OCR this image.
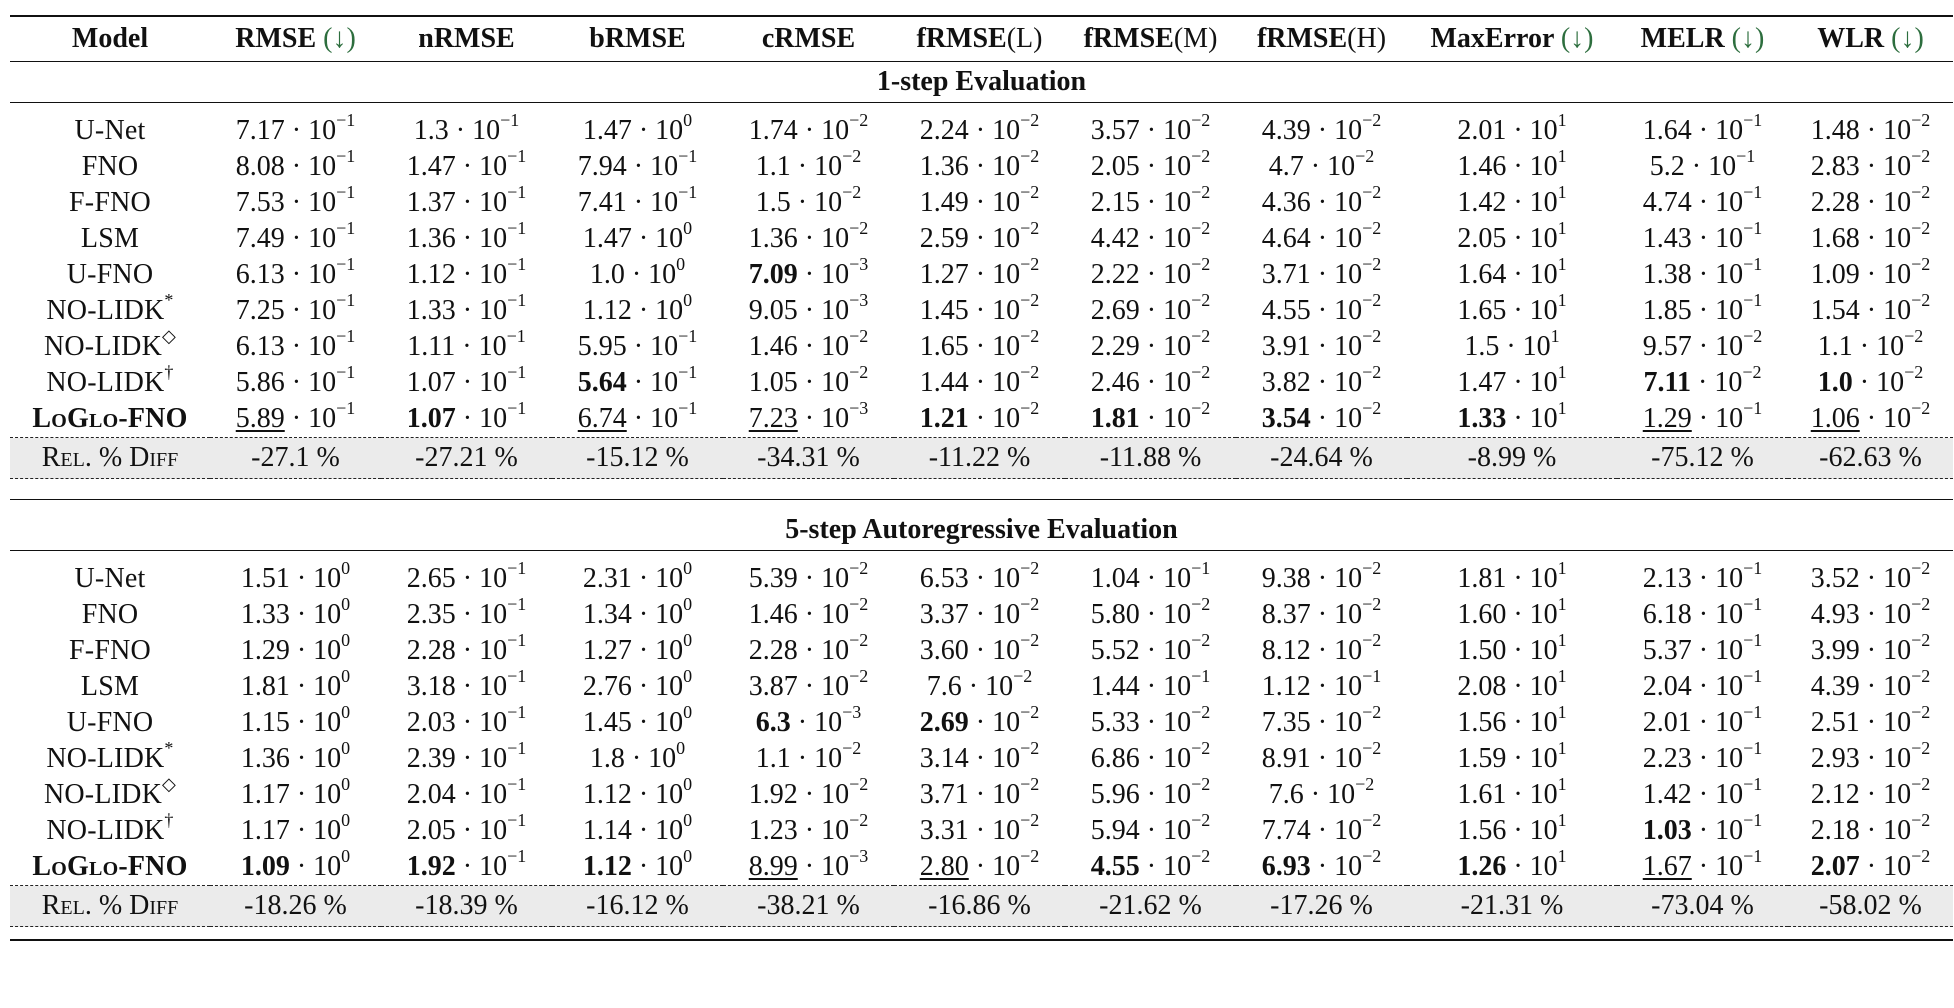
Model	RMSE (↓)	nRMSE	bRMSE	cRMSE	fRMSE(L)	fRMSE(M)	fRMSE(H)	MaxError (↓)	MELR (↓)	WLR (↓)
1-step Evaluation										

U-Net	$7.17 \cdot 10^{-1}$	$1.3 \cdot 10^{-1}$	$1.47 \cdot 10^0$	$1.74 \cdot 10^{-2}$	$2.24 \cdot 10^{-2}$	$3.57 \cdot 10^{-2}$	$4.39 \cdot 10^{-2}$	$2.01 \cdot 10^1$	$1.64 \cdot 10^{-1}$	$1.48 \cdot 10^{-2}$
FNO	$8.08 \cdot 10^{-1}$	$1.47 \cdot 10^{-1}$	$7.94 \cdot 10^{-1}$	$1.1 \cdot 10^{-2}$	$1.36 \cdot 10^{-2}$	$2.05 \cdot 10^{-2}$	$4.7 \cdot 10^{-2}$	$1.46 \cdot 10^1$	$5.2 \cdot 10^{-1}$	$2.83 \cdot 10^{-2}$
F-FNO	$7.53 \cdot 10^{-1}$	$1.37 \cdot 10^{-1}$	$7.41 \cdot 10^{-1}$	$1.5 \cdot 10^{-2}$	$1.49 \cdot 10^{-2}$	$2.15 \cdot 10^{-2}$	$4.36 \cdot 10^{-2}$	$1.42 \cdot 10^1$	$4.74 \cdot 10^{-1}$	$2.28 \cdot 10^{-2}$
LSM	$7.49 \cdot 10^{-1}$	$1.36 \cdot 10^{-1}$	$1.47 \cdot 10^0$	$1.36 \cdot 10^{-2}$	$2.59 \cdot 10^{-2}$	$4.42 \cdot 10^{-2}$	$4.64 \cdot 10^{-2}$	$2.05 \cdot 10^1$	$1.43 \cdot 10^{-1}$	$1.68 \cdot 10^{-2}$
U-FNO	$6.13 \cdot 10^{-1}$	$1.12 \cdot 10^{-1}$	$1.0 \cdot 10^0$	$7.09 \cdot 10^{-3}$	$1.27 \cdot 10^{-2}$	$2.22 \cdot 10^{-2}$	$3.71 \cdot 10^{-2}$	$1.64 \cdot 10^1$	$1.38 \cdot 10^{-1}$	$1.09 \cdot 10^{-2}$
NO-LIDK*	$7.25 \cdot 10^{-1}$	$1.33 \cdot 10^{-1}$	$1.12 \cdot 10^0$	$9.05 \cdot 10^{-3}$	$1.45 \cdot 10^{-2}$	$2.69 \cdot 10^{-2}$	$4.55 \cdot 10^{-2}$	$1.65 \cdot 10^1$	$1.85 \cdot 10^{-1}$	$1.54 \cdot 10^{-2}$
NO-LIDK◇	$6.13 \cdot 10^{-1}$	$1.11 \cdot 10^{-1}$	$5.95 \cdot 10^{-1}$	$1.46 \cdot 10^{-2}$	$1.65 \cdot 10^{-2}$	$2.29 \cdot 10^{-2}$	$3.91 \cdot 10^{-2}$	$1.5 \cdot 10^1$	$9.57 \cdot 10^{-2}$	$1.1 \cdot 10^{-2}$
NO-LIDK†	$5.86 \cdot 10^{-1}$	$1.07 \cdot 10^{-1}$	$5.64 \cdot 10^{-1}$	$1.05 \cdot 10^{-2}$	$1.44 \cdot 10^{-2}$	$2.46 \cdot 10^{-2}$	$3.82 \cdot 10^{-2}$	$1.47 \cdot 10^1$	$7.11 \cdot 10^{-2}$	$1.0 \cdot 10^{-2}$
LoGlo-FNO	$5.89 \cdot 10^{-1}$	$1.07 \cdot 10^{-1}$	$6.74 \cdot 10^{-1}$	$7.23 \cdot 10^{-3}$	$1.21 \cdot 10^{-2}$	$1.81 \cdot 10^{-2}$	$3.54 \cdot 10^{-2}$	$1.33 \cdot 10^1$	$1.29 \cdot 10^{-1}$	$1.06 \cdot 10^{-2}$
Rel. % Diff	-27.1 %	-27.21 %	-15.12 %	-34.31 %	-11.22 %	-11.88 %	-24.64 %	-8.99 %	-75.12 %	-62.63 %

5-step Autoregressive Evaluation										

U-Net	$1.51 \cdot 10^0$	$2.65 \cdot 10^{-1}$	$2.31 \cdot 10^0$	$5.39 \cdot 10^{-2}$	$6.53 \cdot 10^{-2}$	$1.04 \cdot 10^{-1}$	$9.38 \cdot 10^{-2}$	$1.81 \cdot 10^1$	$2.13 \cdot 10^{-1}$	$3.52 \cdot 10^{-2}$
FNO	$1.33 \cdot 10^0$	$2.35 \cdot 10^{-1}$	$1.34 \cdot 10^0$	$1.46 \cdot 10^{-2}$	$3.37 \cdot 10^{-2}$	$5.80 \cdot 10^{-2}$	$8.37 \cdot 10^{-2}$	$1.60 \cdot 10^1$	$6.18 \cdot 10^{-1}$	$4.93 \cdot 10^{-2}$
F-FNO	$1.29 \cdot 10^0$	$2.28 \cdot 10^{-1}$	$1.27 \cdot 10^0$	$2.28 \cdot 10^{-2}$	$3.60 \cdot 10^{-2}$	$5.52 \cdot 10^{-2}$	$8.12 \cdot 10^{-2}$	$1.50 \cdot 10^1$	$5.37 \cdot 10^{-1}$	$3.99 \cdot 10^{-2}$
LSM	$1.81 \cdot 10^0$	$3.18 \cdot 10^{-1}$	$2.76 \cdot 10^0$	$3.87 \cdot 10^{-2}$	$7.6 \cdot 10^{-2}$	$1.44 \cdot 10^{-1}$	$1.12 \cdot 10^{-1}$	$2.08 \cdot 10^1$	$2.04 \cdot 10^{-1}$	$4.39 \cdot 10^{-2}$
U-FNO	$1.15 \cdot 10^0$	$2.03 \cdot 10^{-1}$	$1.45 \cdot 10^0$	$6.3 \cdot 10^{-3}$	$2.69 \cdot 10^{-2}$	$5.33 \cdot 10^{-2}$	$7.35 \cdot 10^{-2}$	$1.56 \cdot 10^1$	$2.01 \cdot 10^{-1}$	$2.51 \cdot 10^{-2}$
NO-LIDK*	$1.36 \cdot 10^0$	$2.39 \cdot 10^{-1}$	$1.8 \cdot 10^0$	$1.1 \cdot 10^{-2}$	$3.14 \cdot 10^{-2}$	$6.86 \cdot 10^{-2}$	$8.91 \cdot 10^{-2}$	$1.59 \cdot 10^1$	$2.23 \cdot 10^{-1}$	$2.93 \cdot 10^{-2}$
NO-LIDK◇	$1.17 \cdot 10^0$	$2.04 \cdot 10^{-1}$	$1.12 \cdot 10^0$	$1.92 \cdot 10^{-2}$	$3.71 \cdot 10^{-2}$	$5.96 \cdot 10^{-2}$	$7.6 \cdot 10^{-2}$	$1.61 \cdot 10^1$	$1.42 \cdot 10^{-1}$	$2.12 \cdot 10^{-2}$
NO-LIDK†	$1.17 \cdot 10^0$	$2.05 \cdot 10^{-1}$	$1.14 \cdot 10^0$	$1.23 \cdot 10^{-2}$	$3.31 \cdot 10^{-2}$	$5.94 \cdot 10^{-2}$	$7.74 \cdot 10^{-2}$	$1.56 \cdot 10^1$	$1.03 \cdot 10^{-1}$	$2.18 \cdot 10^{-2}$
LoGlo-FNO	$1.09 \cdot 10^0$	$1.92 \cdot 10^{-1}$	$1.12 \cdot 10^0$	$8.99 \cdot 10^{-3}$	$2.80 \cdot 10^{-2}$	$4.55 \cdot 10^{-2}$	$6.93 \cdot 10^{-2}$	$1.26 \cdot 10^1$	$1.67 \cdot 10^{-1}$	$2.07 \cdot 10^{-2}$
Rel. % Diff	-18.26 %	-18.39 %	-16.12 %	-38.21 %	-16.86 %	-21.62 %	-17.26 %	-21.31 %	-73.04 %	-58.02 %
